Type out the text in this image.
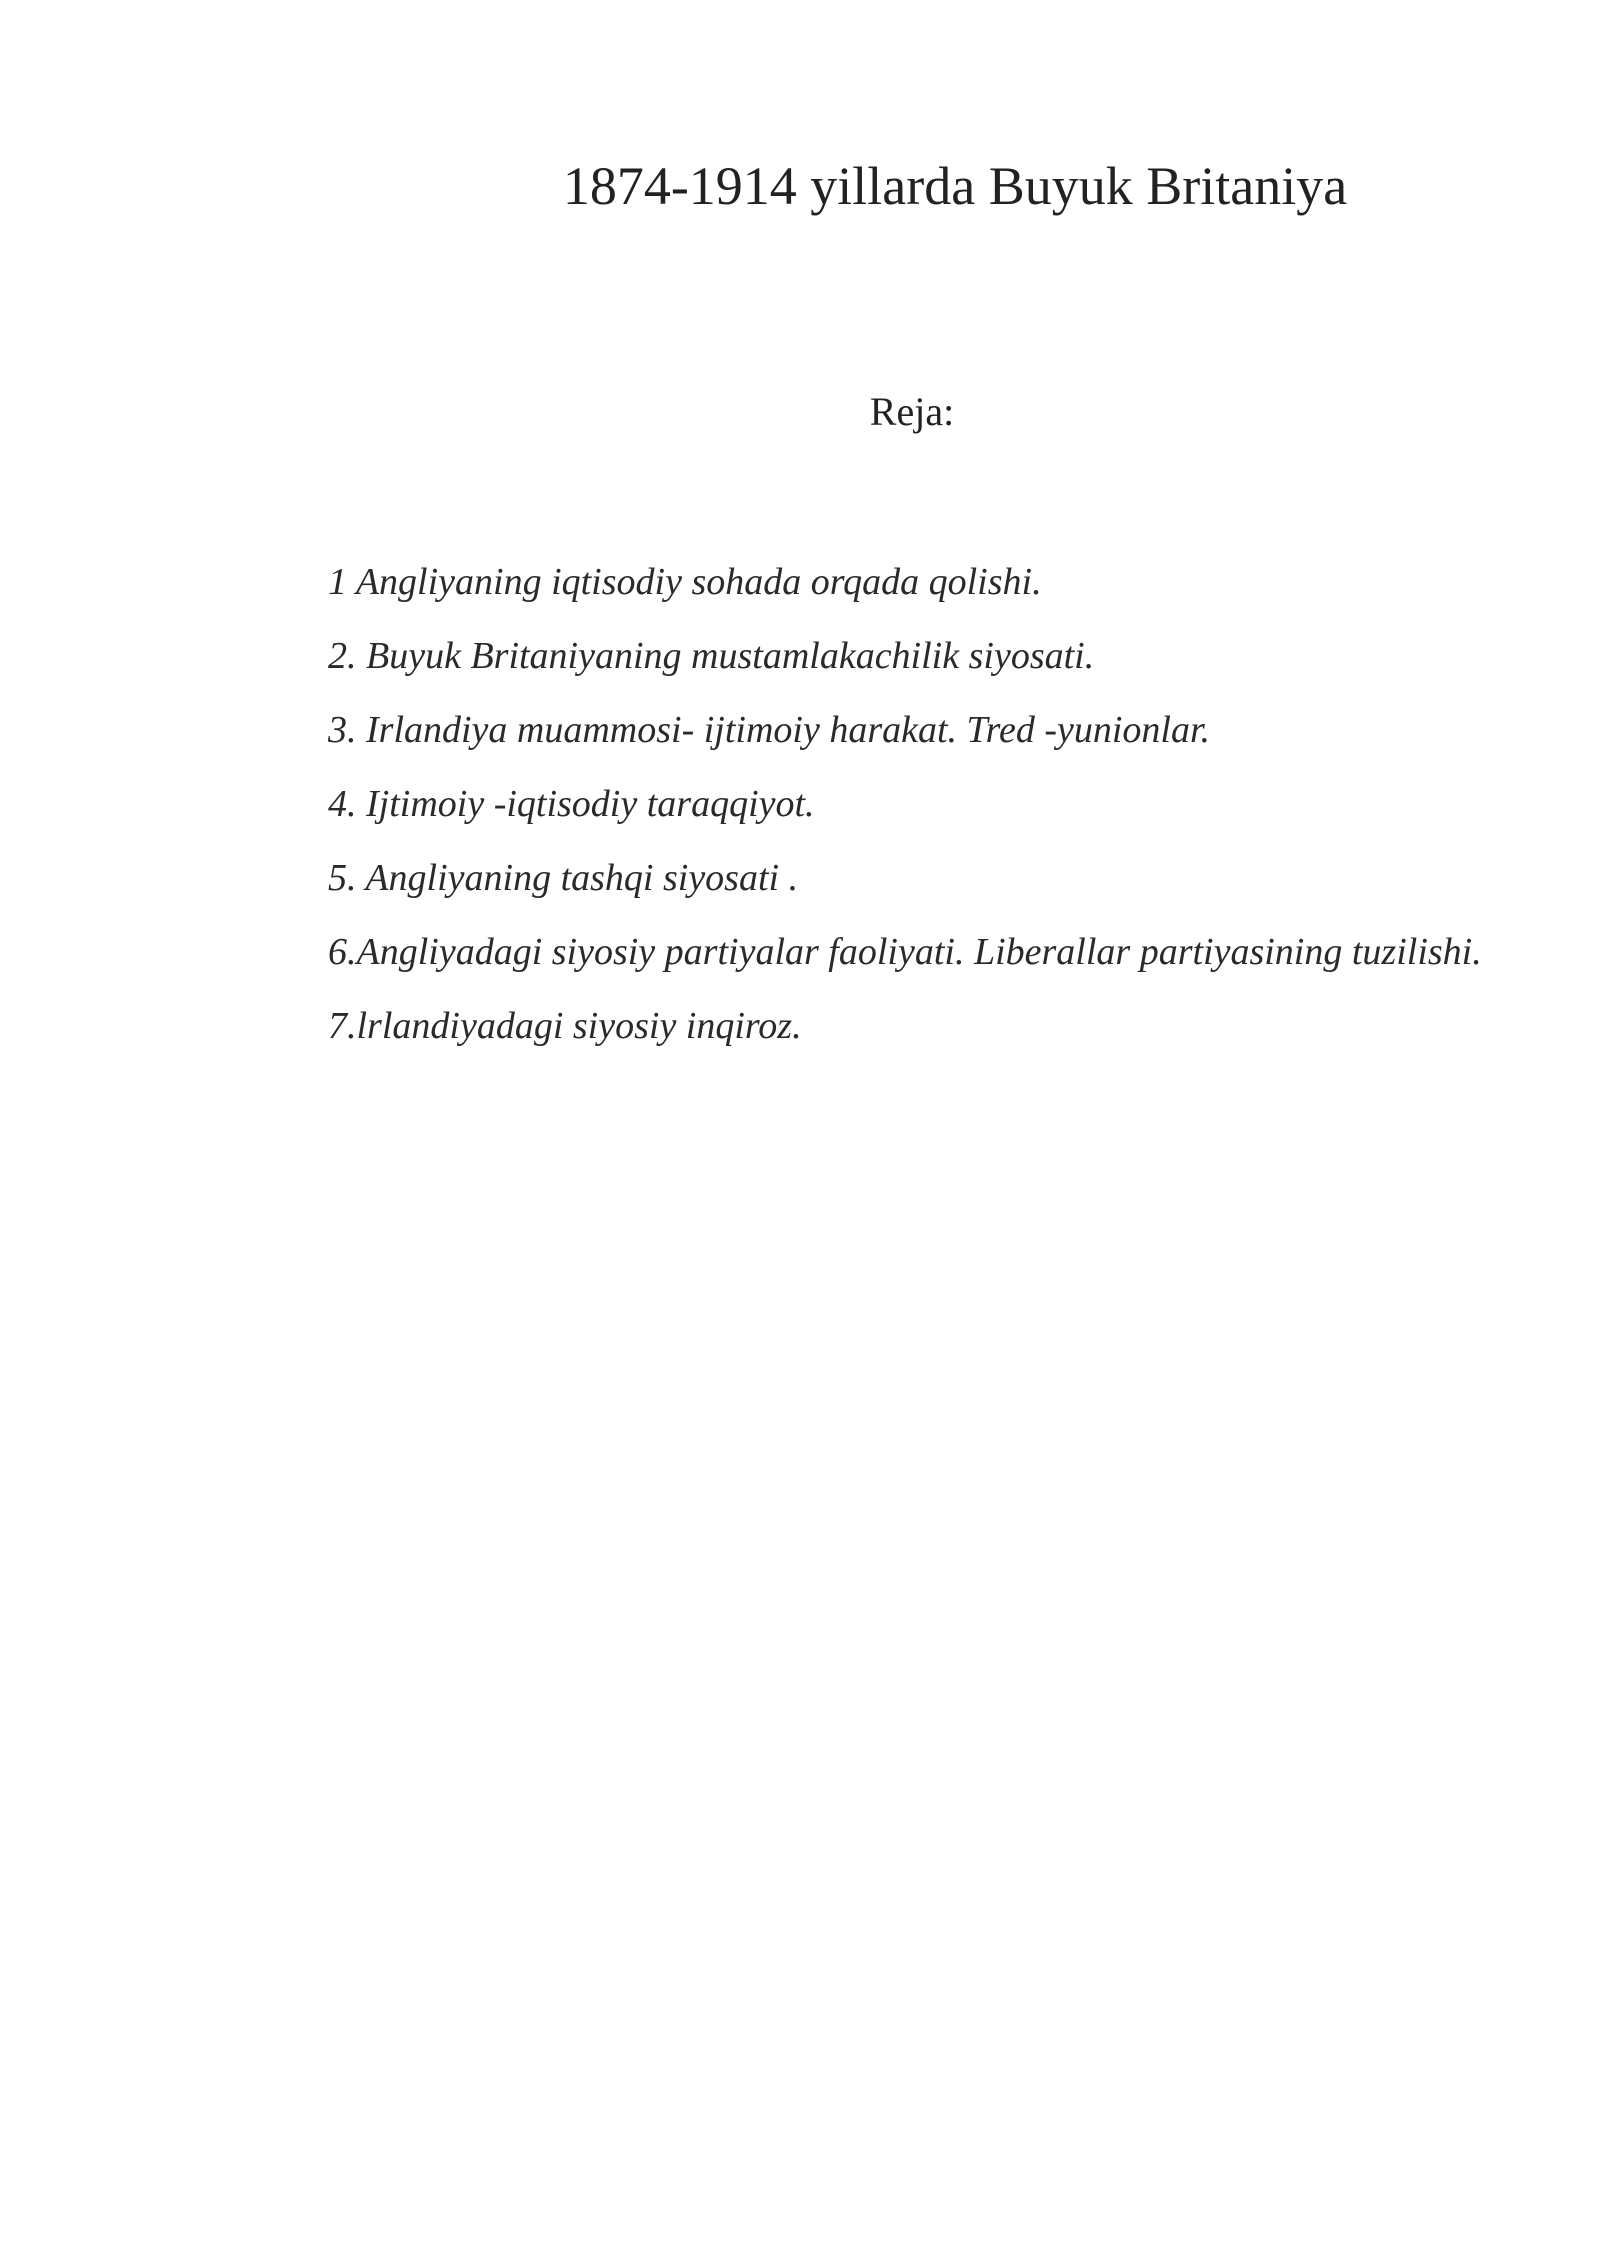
1874-1914 yillarda Buyuk Britaniya
Reja:
1 Angliyaning iqtisodiy sohada orqada qolishi.
2. Buyuk Britaniyaning mustamlakachilik siyosati.
3. Irlandiya muammosi- ijtimoiy harakat. Tred -yunionlar.
4. Ijtimoiy -iqtisodiy taraqqiyot.
5. Angliyaning tashqi siyosati .
6.Angliyadagi siyosiy partiyalar faoliyati. Liberallar partiyasining tuzilishi.
7.lrlandiyadagi siyosiy inqiroz.
